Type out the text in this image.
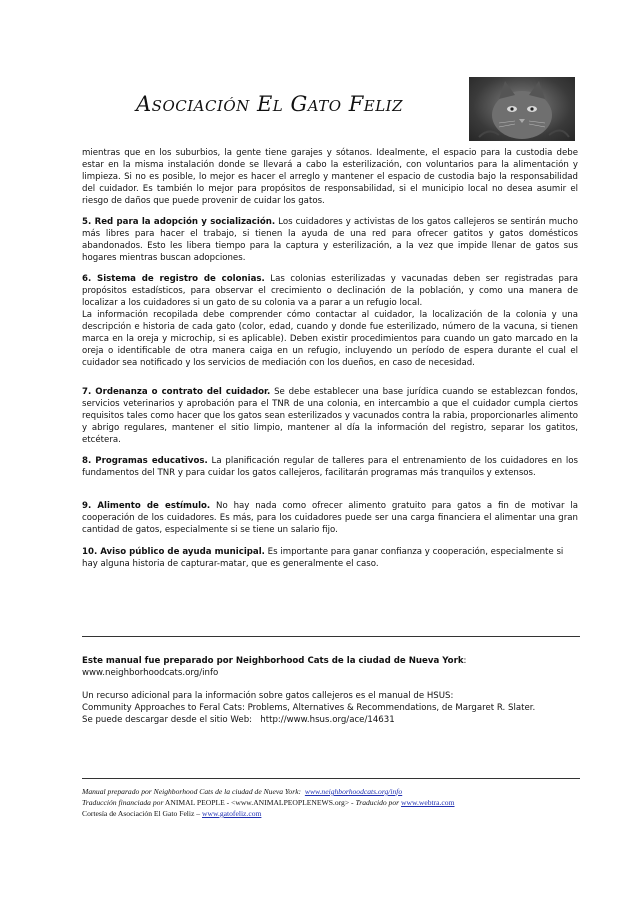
Asociación El Gato Feliz
mientras que en los suburbios, la gente tiene garajes y sótanos. Idealmente, el espacio para la custodia debe estar en la misma instalación donde se llevará a cabo la esterilización, con voluntarios para la alimentación y limpieza. Si no es posible, lo mejor es hacer el arreglo y mantener el espacio de custodia bajo la responsabilidad del cuidador. Es también lo mejor para propósitos de responsabilidad, si el municipio local no desea asumir el riesgo de daños que puede provenir de cuidar los gatos.
5. Red para la adopción y socialización. Los cuidadores y activistas de los gatos callejeros se sentirán mucho más libres para hacer el trabajo, si tienen la ayuda de una red para ofrecer gatitos y gatos domésticos abandonados. Esto les libera tiempo para la captura y esterilización, a la vez que impide llenar de gatos sus hogares mientras buscan adopciones.
6. Sistema de registro de colonias. Las colonias esterilizadas y vacunadas deben ser registradas para propósitos estadísticos, para observar el crecimiento o declinación de la población, y como una manera de localizar a los cuidadores si un gato de su colonia va a parar a un refugio local.
La información recopilada debe comprender cómo contactar al cuidador, la localización de la colonia y una descripción e historia de cada gato (color, edad, cuando y donde fue esterilizado, número de la vacuna, si tienen marca en la oreja y microchip, si es aplicable). Deben existir procedimientos para cuando un gato marcado en la oreja o identificable de otra manera caiga en un refugio, incluyendo un período de espera durante el cual el cuidador sea notificado y los servicios de mediación con los dueños, en caso de necesidad.
7. Ordenanza o contrato del cuidador. Se debe establecer una base jurídica cuando se establezcan fondos, servicios veterinarios y aprobación para el TNR de una colonia, en intercambio a que el cuidador cumpla ciertos requisitos tales como hacer que los gatos sean esterilizados y vacunados contra la rabia, proporcionarles alimento y abrigo regulares, mantener el sitio limpio, mantener al día la información del registro, separar los gatitos, etcétera.
8. Programas educativos. La planificación regular de talleres para el entrenamiento de los cuidadores en los fundamentos del TNR y para cuidar los gatos callejeros, facilitarán programas más tranquilos y extensos.
9. Alimento de estímulo. No hay nada como ofrecer alimento gratuito para gatos a fin de motivar la cooperación de los cuidadores. Es más, para los cuidadores puede ser una carga financiera el alimentar una gran cantidad de gatos, especialmente si se tiene un salario fijo.
10. Aviso público de ayuda municipal. Es importante para ganar confianza y cooperación, especialmente si hay alguna historia de capturar-matar, que es generalmente el caso.
Este manual fue preparado por Neighborhood Cats de la ciudad de Nueva York:
www.neighborhoodcats.org/info
Un recurso adicional para la información sobre gatos callejeros es el manual de HSUS:
Community Approaches to Feral Cats: Problems, Alternatives & Recommendations, de Margaret R. Slater.
Se puede descargar desde el sitio Web: http://www.hsus.org/ace/14631
Manual preparado por Neighborhood Cats de la ciudad de Nueva York: www.neighborhoodcats.org/info
Traducción financiada por ANIMAL PEOPLE - <www.ANIMALPEOPLENEWS.org> - Traducido por www.webtra.com
Cortesía de Asociación El Gato Feliz – www.gatofeliz.com
